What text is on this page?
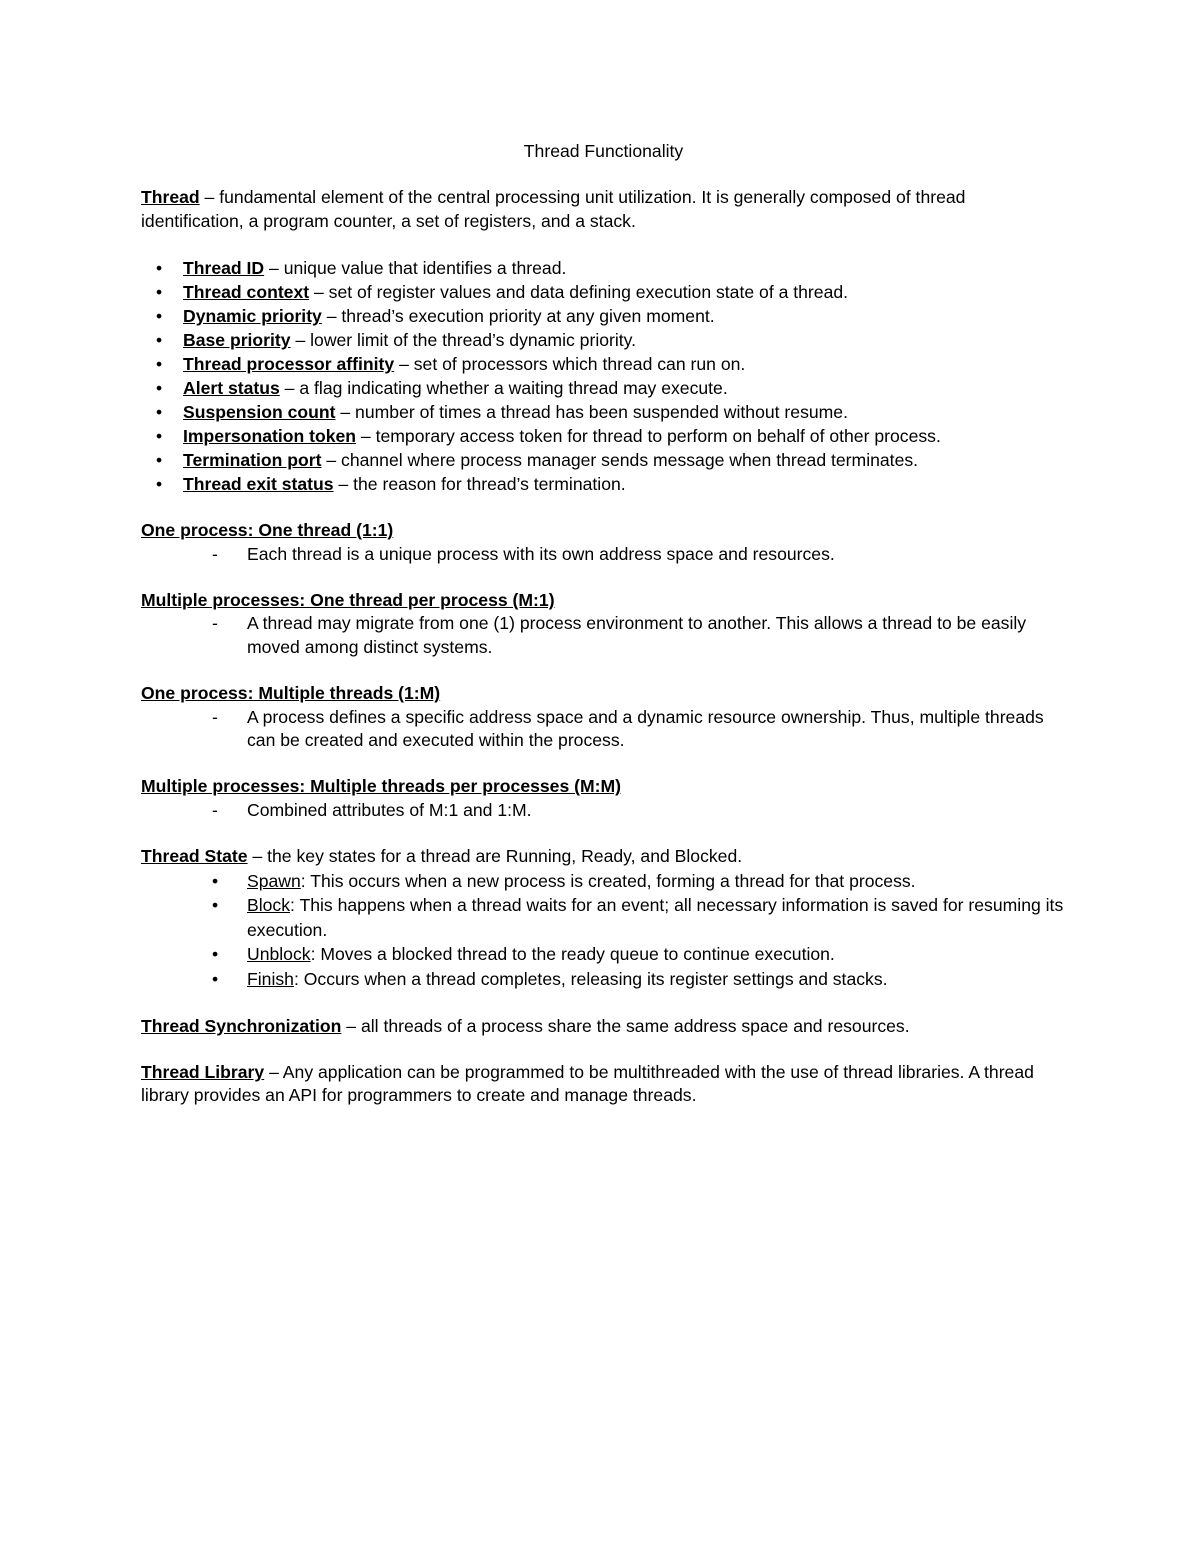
Thread Functionality

Thread – fundamental element of the central processing unit utilization. It is generally composed of thread identification, a program counter, a set of registers, and a stack.

• Thread ID – unique value that identifies a thread.
• Thread context – set of register values and data defining execution state of a thread.
• Dynamic priority – thread’s execution priority at any given moment.
• Base priority – lower limit of the thread’s dynamic priority.
• Thread processor affinity – set of processors which thread can run on.
• Alert status – a flag indicating whether a waiting thread may execute.
• Suspension count – number of times a thread has been suspended without resume.
• Impersonation token – temporary access token for thread to perform on behalf of other process.
• Termination port – channel where process manager sends message when thread terminates.
• Thread exit status – the reason for thread’s termination.

One process: One thread (1:1)

- Each thread is a unique process with its own address space and resources.

Multiple processes: One thread per process (M:1)

- A thread may migrate from one (1) process environment to another. This allows a thread to be easily moved among distinct systems.

One process: Multiple threads (1:M)

- A process defines a specific address space and a dynamic resource ownership. Thus, multiple threads can be created and executed within the process.

Multiple processes: Multiple threads per processes (M:M)

- Combined attributes of M:1 and 1:M.

Thread State – the key states for a thread are Running, Ready, and Blocked.

• Spawn: This occurs when a new process is created, forming a thread for that process.
• Block: This happens when a thread waits for an event; all necessary information is saved for resuming its execution.
• Unblock: Moves a blocked thread to the ready queue to continue execution.
• Finish: Occurs when a thread completes, releasing its register settings and stacks.

Thread Synchronization – all threads of a process share the same address space and resources.

Thread Library – Any application can be programmed to be multithreaded with the use of thread libraries. A thread library provides an API for programmers to create and manage threads.
